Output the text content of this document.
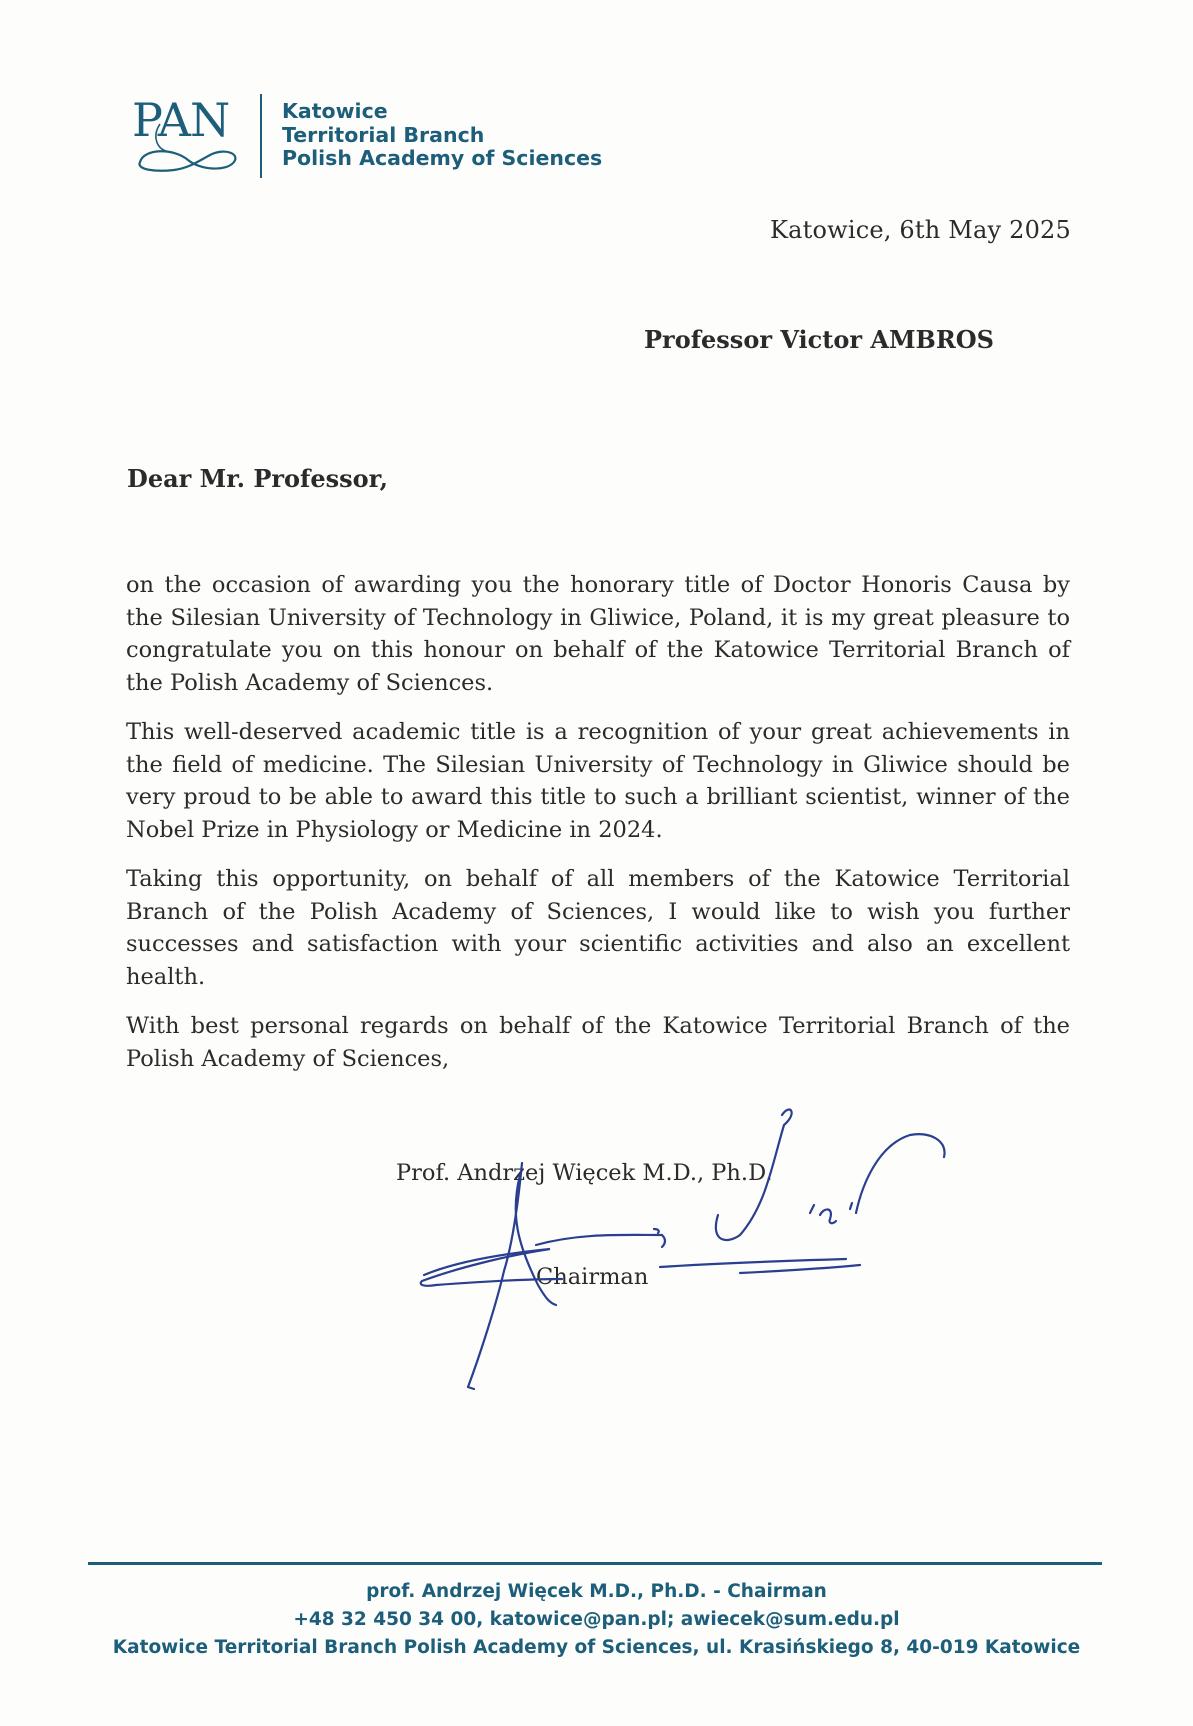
PAN	Katowice
Territorial Branch
Polish Academy of Sciences
Katowice, 6th May 2025
Professor Victor AMBROS
Dear Mr. Professor,

on the occasion of awarding you the honorary title of Doctor Honoris Causa by the Silesian University of Technology in Gliwice, Poland, it is my great pleasure to congratulate you on this honour on behalf of the Katowice Territorial Branch of the Polish Academy of Sciences.

This well-deserved academic title is a recognition of your great achievements in the field of medicine. The Silesian University of Technology in Gliwice should be very proud to be able to award this title to such a brilliant scientist, winner of the Nobel Prize in Physiology or Medicine in 2024.

Taking this opportunity, on behalf of all members of the Katowice Territorial Branch of the Polish Academy of Sciences, I would like to wish you further successes and satisfaction with your scientific activities and also an excellent health.

With best personal regards on behalf of the Katowice Territorial Branch of the Polish Academy of Sciences,

Prof. Andrzej Więcek M.D., Ph.D.
Chairman
prof. Andrzej Więcek M.D., Ph.D. - Chairman
+48 32 450 34 00, katowice@pan.pl; awiecek@sum.edu.pl
Katowice Territorial Branch Polish Academy of Sciences, ul. Krasińskiego 8, 40-019 Katowice
